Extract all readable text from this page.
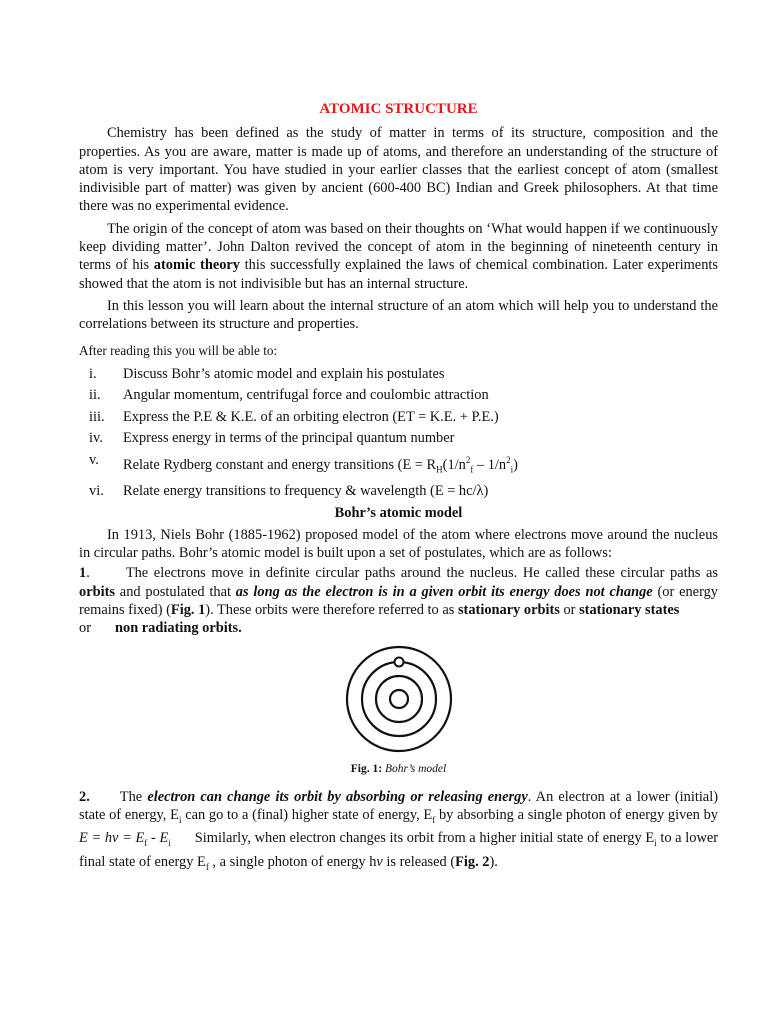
ATOMIC STRUCTURE

Chemistry has been defined as the study of matter in terms of its structure, composition and the properties. As you are aware, matter is made up of atoms, and therefore an understanding of the structure of atom is very important. You have studied in your earlier classes that the earliest concept of atom (smallest indivisible part of matter) was given by ancient (600-400 BC) Indian and Greek philosophers. At that time there was no experimental evidence.

The origin of the concept of atom was based on their thoughts on ‘What would happen if we continuously keep dividing matter’. John Dalton revived the concept of atom in the beginning of nineteenth century in terms of his atomic theory this successfully explained the laws of chemical combination. Later experiments showed that the atom is not indivisible but has an internal structure.

In this lesson you will learn about the internal structure of an atom which will help you to understand the correlations between its structure and properties.

After reading this you will be able to:

i. Discuss Bohr’s atomic model and explain his postulates
ii. Angular momentum, centrifugal force and coulombic attraction
iii. Express the P.E & K.E. of an orbiting electron (ET = K.E. + P.E.)
iv. Express energy in terms of the principal quantum number
v. Relate Rydberg constant and energy transitions ($E = R_H(1/n^2_f - 1/n^2_i)$
vi. Relate energy transitions to frequency & wavelength (E = hc/λ)
Bohr’s atomic model

In 1913, Niels Bohr (1885-1962) proposed model of the atom where electrons move around the nucleus in circular paths. Bohr’s atomic model is built upon a set of postulates, which are as follows:

1.	The electrons move in definite circular paths around the nucleus. He called these circular paths as orbits and postulated that as long as the electron is in a given orbit its energy does not change (or energy remains fixed) (Fig. 1). These orbits were therefore referred to as stationary orbits or stationary states

or non radiating orbits.

Fig. 1: Bohr’s model

2. The electron can change its orbit by absorbing or releasing energy. An electron at a lower (initial) state of energy, $E_i$ can go to a (final) higher state of energy, $E_f$ by absorbing a single photon of energy given by $E = h\nu = E_f - E_i$ Similarly, when electron changes its orbit from a higher initial state of energy $E_i$ to a lower final state of energy $E_f$ , a single photon of energy hν is released (Fig. 2).
